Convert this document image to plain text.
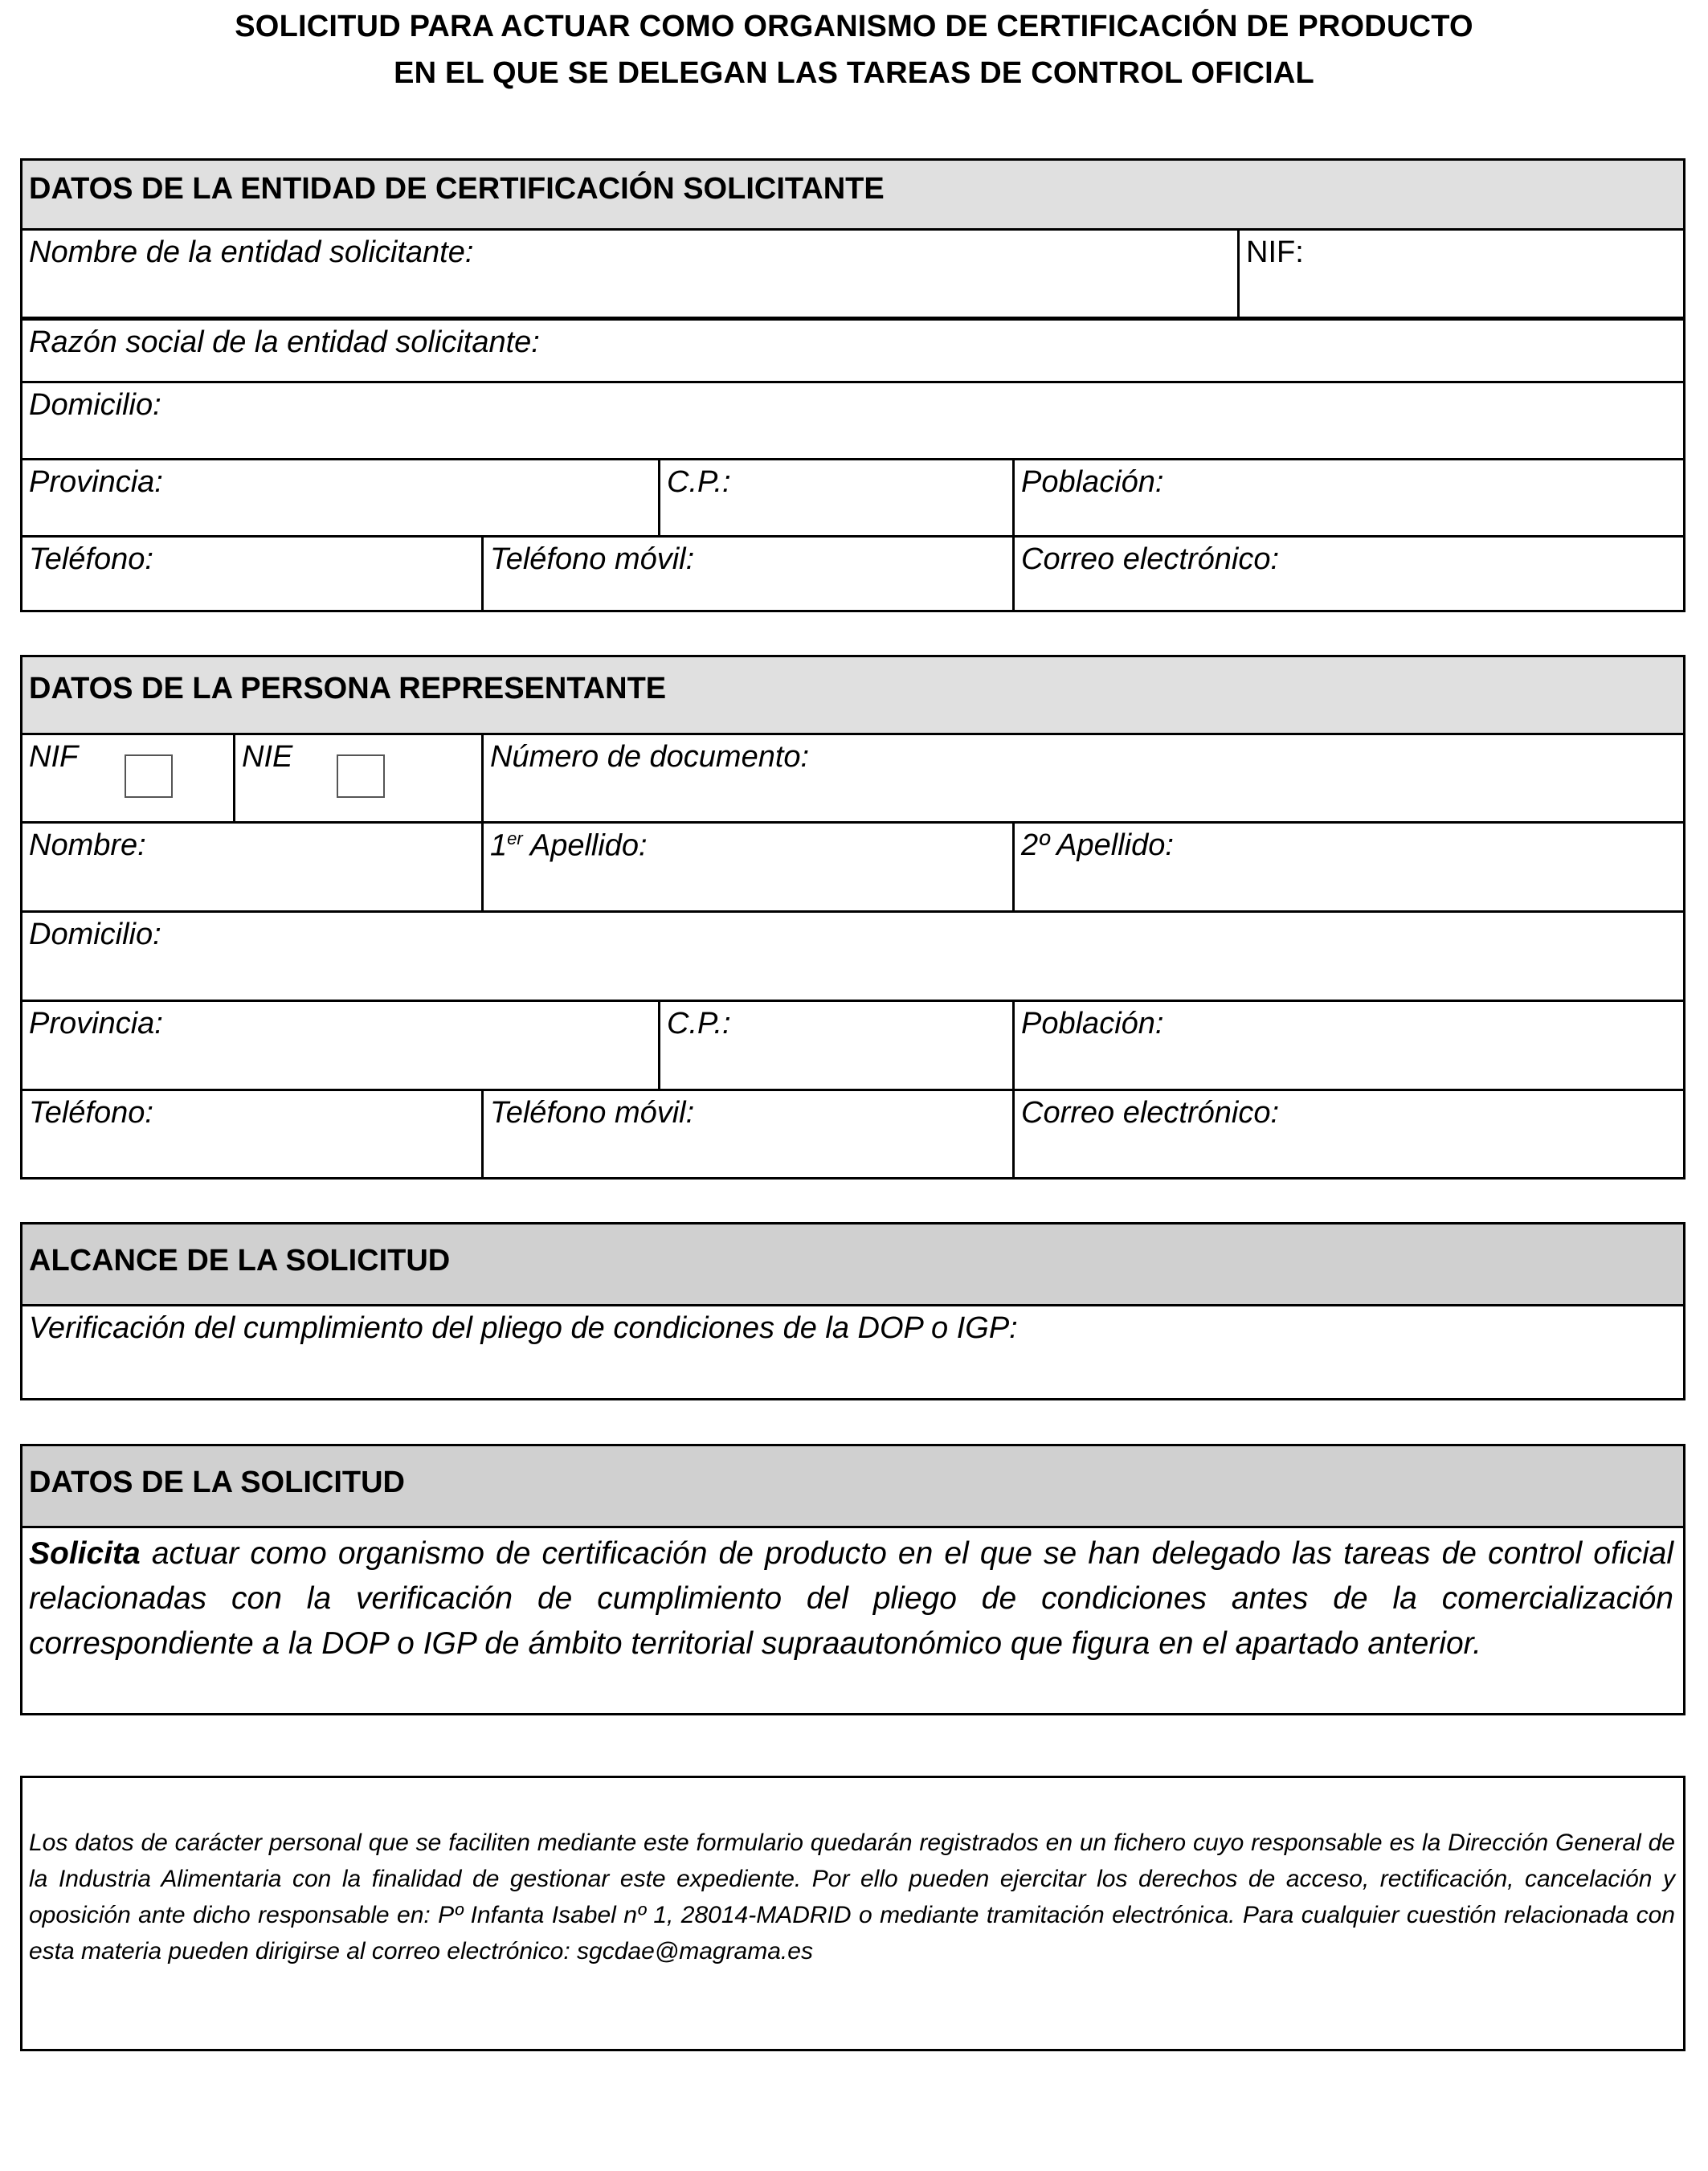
SOLICITUD PARA ACTUAR COMO ORGANISMO DE CERTIFICACIÓN DE PRODUCTO
EN EL QUE SE DELEGAN LAS TAREAS DE CONTROL OFICIAL
DATOS DE LA ENTIDAD DE CERTIFICACIÓN SOLICITANTE
Nombre de la entidad solicitante:	NIF:
Razón social de la entidad solicitante:
Domicilio:
Provincia:	C.P.:	Población:
Teléfono:	Teléfono móvil:	Correo electrónico:
DATOS DE LA PERSONA REPRESENTANTE
NIF	NIE	Número de documento:
Nombre:	1er Apellido:	2º Apellido:
Domicilio:
Provincia:	C.P.:	Población:
Teléfono:	Teléfono móvil:	Correo electrónico:
ALCANCE DE LA SOLICITUD
Verificación del cumplimiento del pliego de condiciones de la DOP o IGP:
DATOS DE LA SOLICITUD
Solicita actuar como organismo de certificación de producto en el que se han delegado las tareas de control oficial relacionadas con la verificación de cumplimiento del pliego de condiciones antes de la comercialización correspondiente a la DOP o IGP de ámbito territorial supraautonómico que figura en el apartado anterior.
Los datos de carácter personal que se faciliten mediante este formulario quedarán registrados en un fichero cuyo responsable es la Dirección General de la Industria Alimentaria con la finalidad de gestionar este expediente. Por ello pueden ejercitar los derechos de acceso, rectificación, cancelación y oposición ante dicho responsable en: Pº Infanta Isabel nº 1, 28014-MADRID o mediante tramitación electrónica. Para cualquier cuestión relacionada con esta materia pueden dirigirse al correo electrónico: sgcdae@magrama.es
